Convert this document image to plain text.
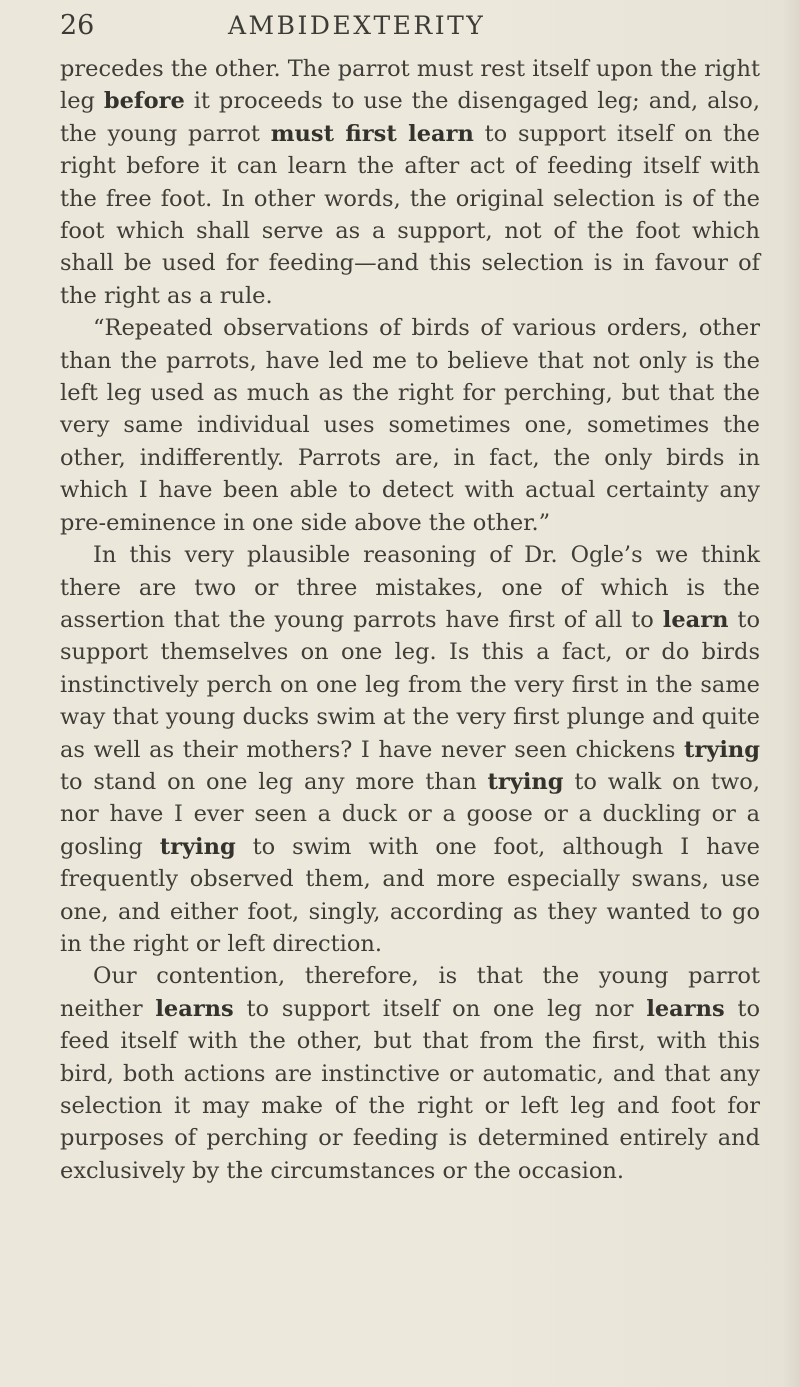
26	AMBIDEXTERITY

precedes the other. The parrot must rest itself upon the right leg before it proceeds to use the disengaged leg; and, also, the young parrot must first learn to support itself on the right before it can learn the after act of feeding itself with the free foot. In other words, the original selection is of the foot which shall serve as a support, not of the foot which shall be used for feeding—and this selection is in favour of the right as a rule.

“Repeated observations of birds of various orders, other than the parrots, have led me to believe that not only is the left leg used as much as the right for perching, but that the very same individual uses sometimes one, sometimes the other, indifferently. Parrots are, in fact, the only birds in which I have been able to detect with actual certainty any pre-eminence in one side above the other.”

In this very plausible reasoning of Dr. Ogle’s we think there are two or three mistakes, one of which is the assertion that the young parrots have first of all to learn to support themselves on one leg. Is this a fact, or do birds instinctively perch on one leg from the very first in the same way that young ducks swim at the very first plunge and quite as well as their mothers? I have never seen chickens trying to stand on one leg any more than trying to walk on two, nor have I ever seen a duck or a goose or a duckling or a gosling trying to swim with one foot, although I have frequently observed them, and more especially swans, use one, and either foot, singly, according as they wanted to go in the right or left direction.

Our contention, therefore, is that the young parrot neither learns to support itself on one leg nor learns to feed itself with the other, but that from the first, with this bird, both actions are instinctive or automatic, and that any selection it may make of the right or left leg and foot for purposes of perching or feeding is determined entirely and exclusively by the circumstances or the occasion.
